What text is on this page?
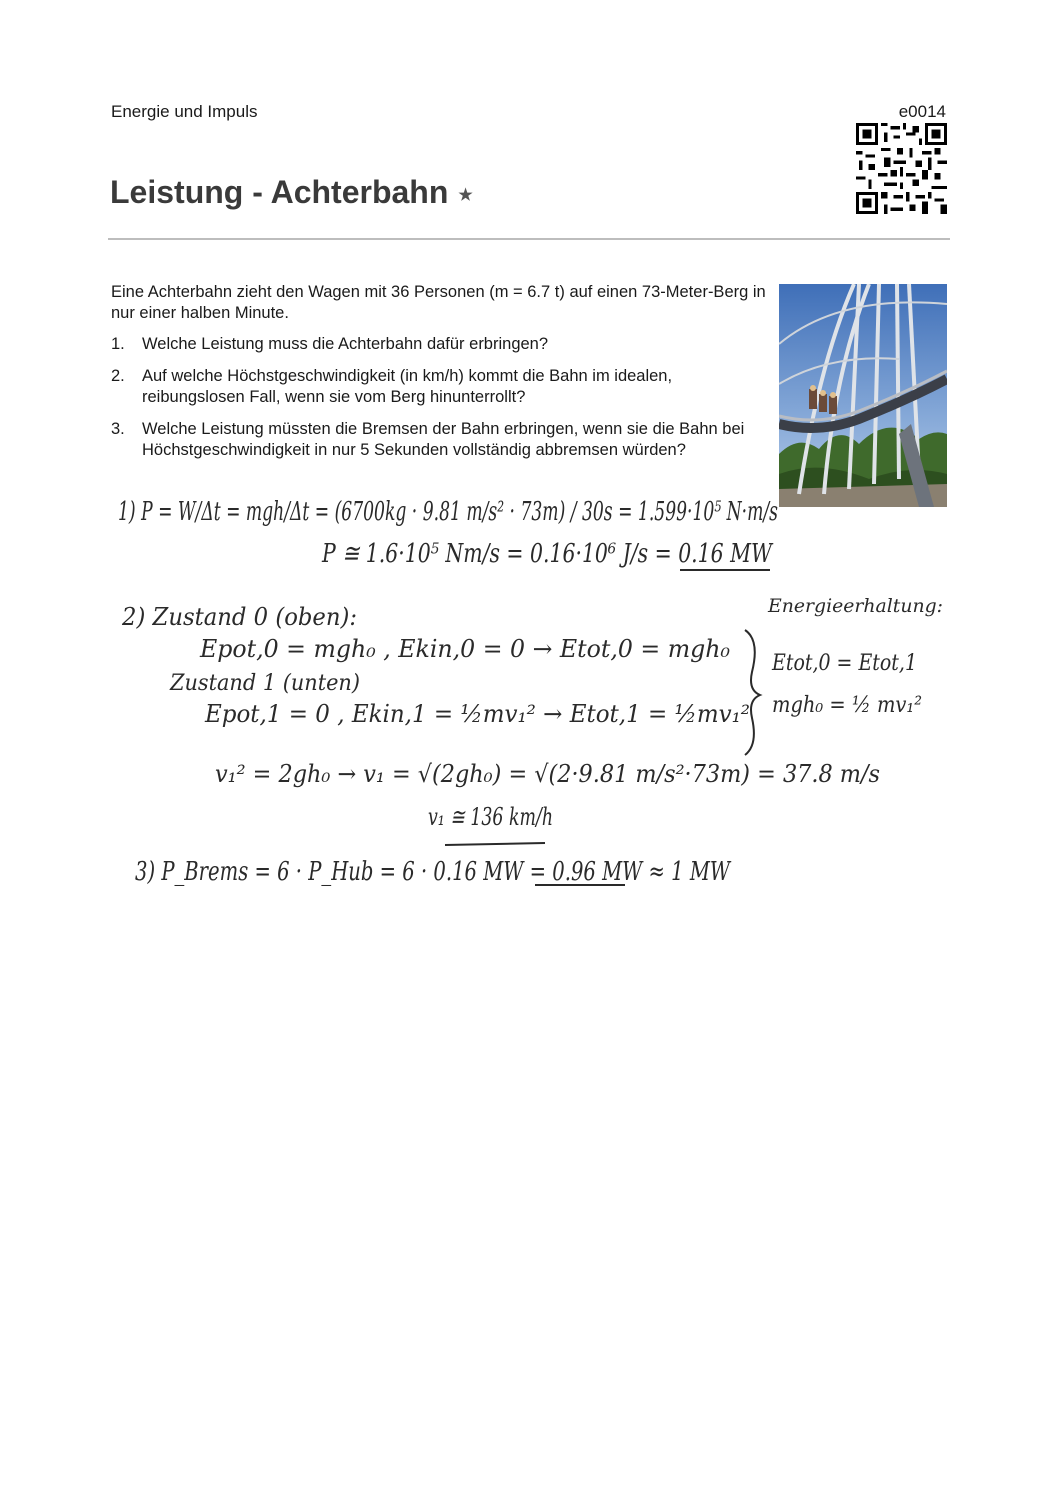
Energie und Impuls	e0014
Leistung - Achterbahn ★
Eine Achterbahn zieht den Wagen mit 36 Personen (m = 6.7 t) auf einen 73-Meter-Berg in nur einer halben Minute.
1. Welche Leistung muss die Achterbahn dafür erbringen?
2. Auf welche Höchstgeschwindigkeit (in km/h) kommt die Bahn im idealen, reibungslosen Fall, wenn sie vom Berg hinunterrollt?
3. Welche Leistung müssten die Bremsen der Bahn erbringen, wenn sie die Bahn bei Höchstgeschwindigkeit in nur 5 Sekunden vollständig abbremsen würden?
1) P = W/Δt = mgh/Δt = (6700kg · 9.81 m/s² · 73m) / 30s = 1.599·10⁵ N·m/s
P ≅ 1.6·10⁵ Nm/s = 0.16·10⁶ J/s = 0.16 MW
2) Zustand 0 (oben):	Energieerhaltung:
Epot,0 = mgh₀ , Ekin,0 = 0 → Etot,0 = mgh₀
Etot,0 = Etot,1
Zustand 1 (unten)
mgh₀ = ½ mv₁²
Epot,1 = 0 , Ekin,1 = ½mv₁² → Etot,1 = ½mv₁²
v₁² = 2gh₀ → v₁ = √(2gh₀) = √(2·9.81 m/s²·73m) = 37.8 m/s
v₁ ≅ 136 km/h
3) P_Brems = 6 · P_Hub = 6 · 0.16 MW = 0.96 MW ≈ 1 MW
